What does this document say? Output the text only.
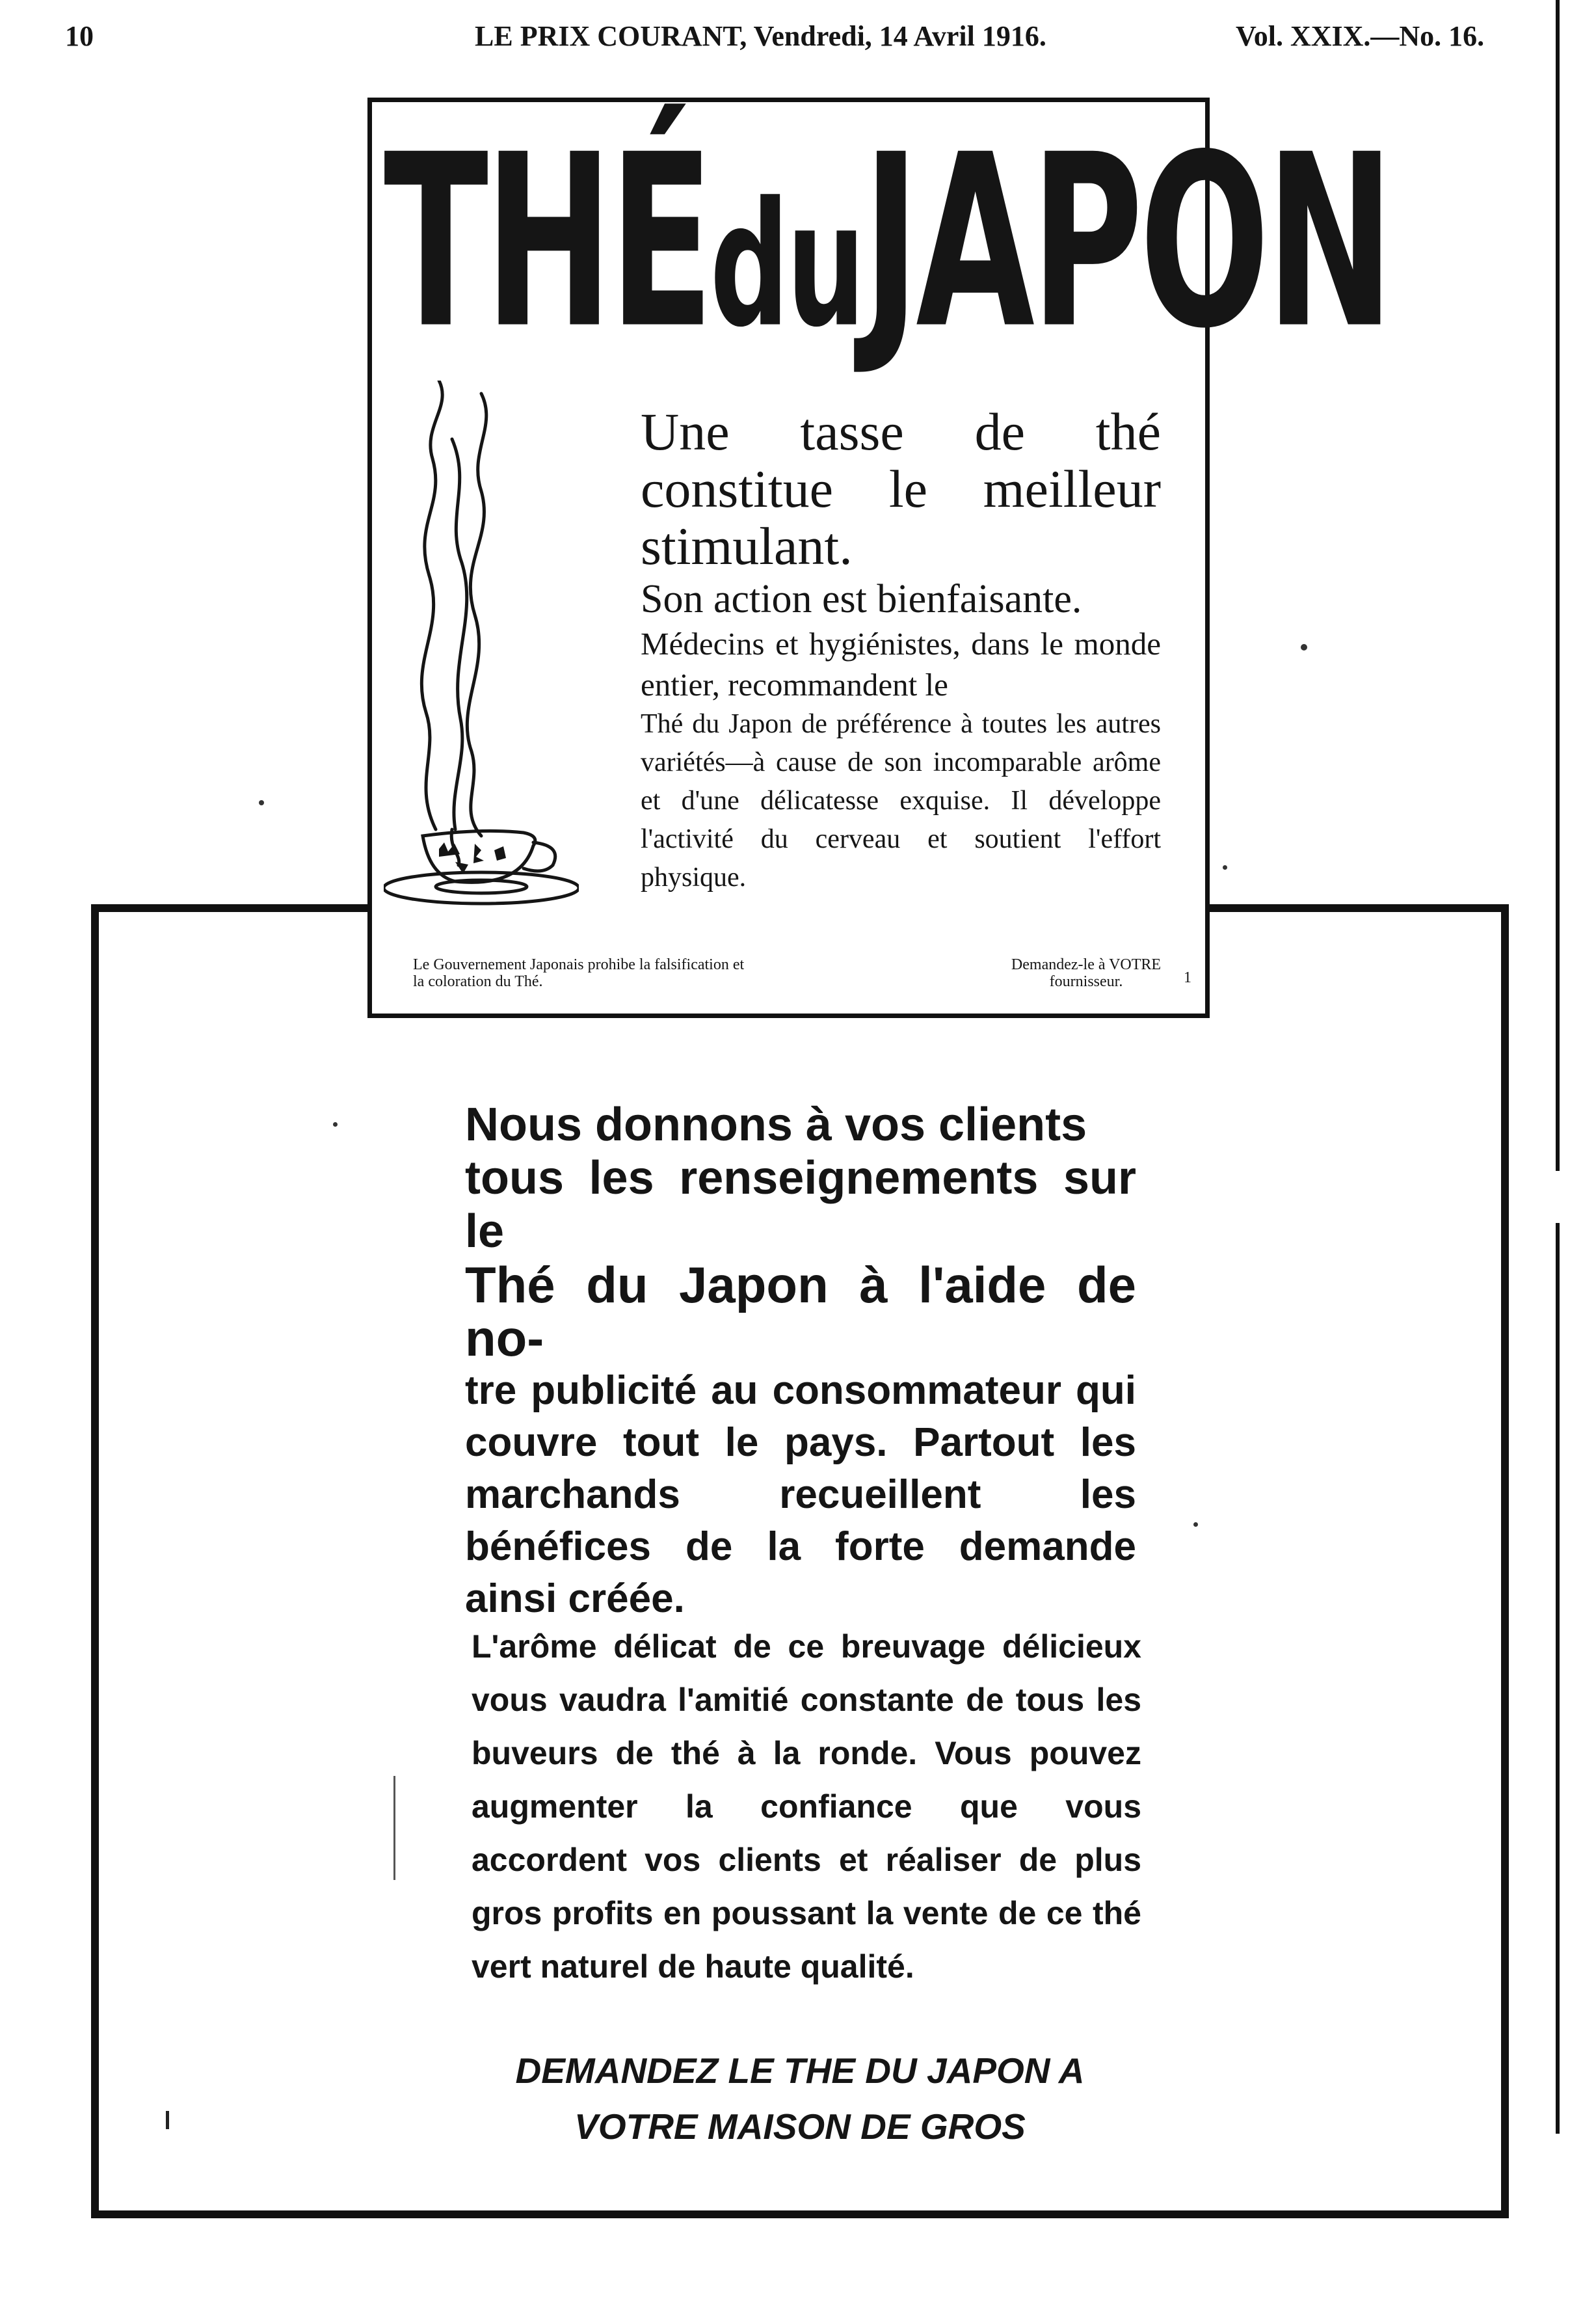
10	LE PRIX COURANT, Vendredi, 14 Avril 1916.	Vol. XXIX.—No. 16.
THÉduJAPON

Une tasse de thé constitue le meilleur stimulant.

Son action est bienfaisante.

Médecins et hygiénistes, dans le monde entier, recommandent le

Thé du Japon de préférence à toutes les autres variétés—à cause de son incomparable arôme et d'une délicatesse exquise. Il développe l'activité du cerveau et soutient l'effort physique.

Le Gouvernement Japonais prohibe la falsification et la coloration du Thé.
Demandez-le à VOTRE fournisseur.	1
Nous donnons à vos clients
tous les renseignements sur le
Thé du Japon à l'aide de no-
tre publicité au consommateur qui couvre tout le pays. Partout les marchands recueillent les bénéfices de la forte demande ainsi créée.
L'arôme délicat de ce breuvage délicieux vous vaudra l'amitié constante de tous les buveurs de thé à la ronde. Vous pouvez augmenter la confiance que vous accordent vos clients et réaliser de plus gros profits en poussant la vente de ce thé vert naturel de haute qualité.
DEMANDEZ LE THE DU JAPON A
VOTRE MAISON DE GROS
